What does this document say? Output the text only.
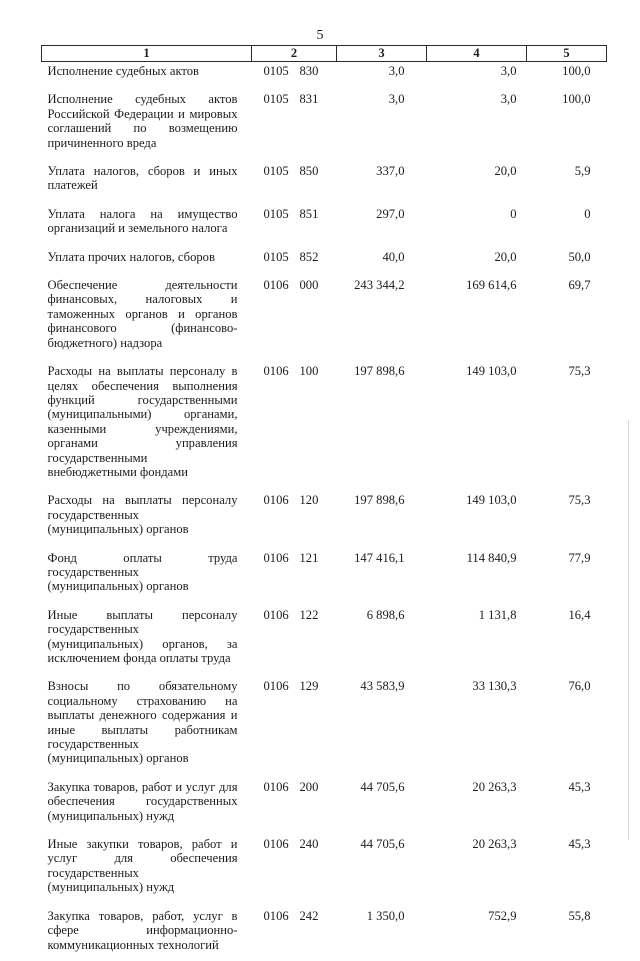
5
1	2	3	4	5
Исполнение судебных актов	0105 830	3,0	3,0	100,0
Исполнение судебных актов Российской Федерации и мировых соглашений по возмещению причиненного вреда	0105 831	3,0	3,0	100,0
Уплата налогов, сборов и иных платежей	0105 850	337,0	20,0	5,9
Уплата налога на имущество организаций и земельного налога	0105 851	297,0	0	0
Уплата прочих налогов, сборов	0105 852	40,0	20,0	50,0
Обеспечение деятельности финансовых, налоговых и таможенных органов и органов финансового (финансово-бюджетного) надзора	0106 000	243 344,2	169 614,6	69,7
Расходы на выплаты персоналу в целях обеспечения выполнения функций государственными (муниципальными) органами, казенными учреждениями, органами управления государственными внебюджетными фондами	0106 100	197 898,6	149 103,0	75,3
Расходы на выплаты персоналу государственных (муниципальных) органов	0106 120	197 898,6	149 103,0	75,3
Фонд оплаты труда государственных (муниципальных) органов	0106 121	147 416,1	114 840,9	77,9
Иные выплаты персоналу государственных (муниципальных) органов, за исключением фонда оплаты труда	0106 122	6 898,6	1 131,8	16,4
Взносы по обязательному социальному страхованию на выплаты денежного содержания и иные выплаты работникам государственных (муниципальных) органов	0106 129	43 583,9	33 130,3	76,0
Закупка товаров, работ и услуг для обеспечения государственных (муниципальных) нужд	0106 200	44 705,6	20 263,3	45,3
Иные закупки товаров, работ и услуг для обеспечения государственных (муниципальных) нужд	0106 240	44 705,6	20 263,3	45,3
Закупка товаров, работ, услуг в сфере информационно-коммуникационных технологий	0106 242	1 350,0	752,9	55,8
